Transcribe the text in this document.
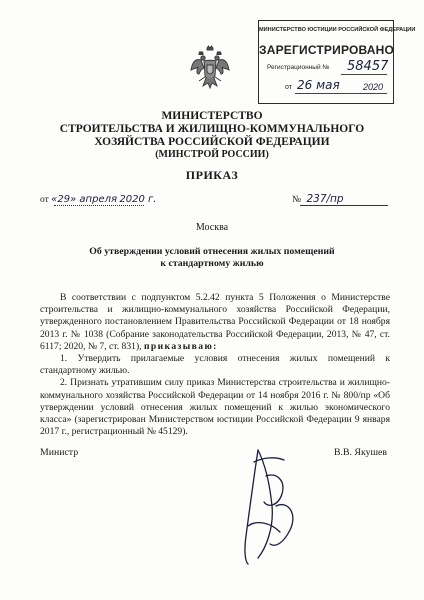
МИНИСТЕРСТВО ЮСТИЦИИ РОССИЙСКОЙ ФЕДЕРАЦИИ
ЗАРЕГИСТРИРОВАНО
Регистрационный № 58457
от 26 мая	2020
МИНИСТЕРСТВО
СТРОИТЕЛЬСТВА И ЖИЛИЩНО-КОММУНАЛЬНОГО
ХОЗЯЙСТВА РОССИЙСКОЙ ФЕДЕРАЦИИ
(МИНСТРОЙ РОССИИ)
ПРИКАЗ
от «29» апреля 2020 г.	№ 237/пр
Москва
Об утверждении условий отнесения жилых помещений
к стандартному жилью

В соответствии с подпунктом 5.2.42 пункта 5 Положения о Министерстве строительства и жилищно-коммунального хозяйства Российской Федерации, утвержденного постановлением Правительства Российской Федерации от 18 ноября 2013 г. № 1038 (Собрание законодательства Российской Федерации, 2013, № 47, ст. 6117; 2020, № 7, ст. 831), приказываю:

1. Утвердить прилагаемые условия отнесения жилых помещений к стандартному жилью.

2. Признать утратившим силу приказ Министерства строительства и жилищно-коммунального хозяйства Российской Федерации от 14 ноября 2016 г. № 800/пр «Об утверждении условий отнесения жилых помещений к жилью экономического класса» (зарегистрирован Министерством юстиции Российской Федерации 9 января 2017 г., регистрационный № 45129).

Министр	В.В. Якушев
